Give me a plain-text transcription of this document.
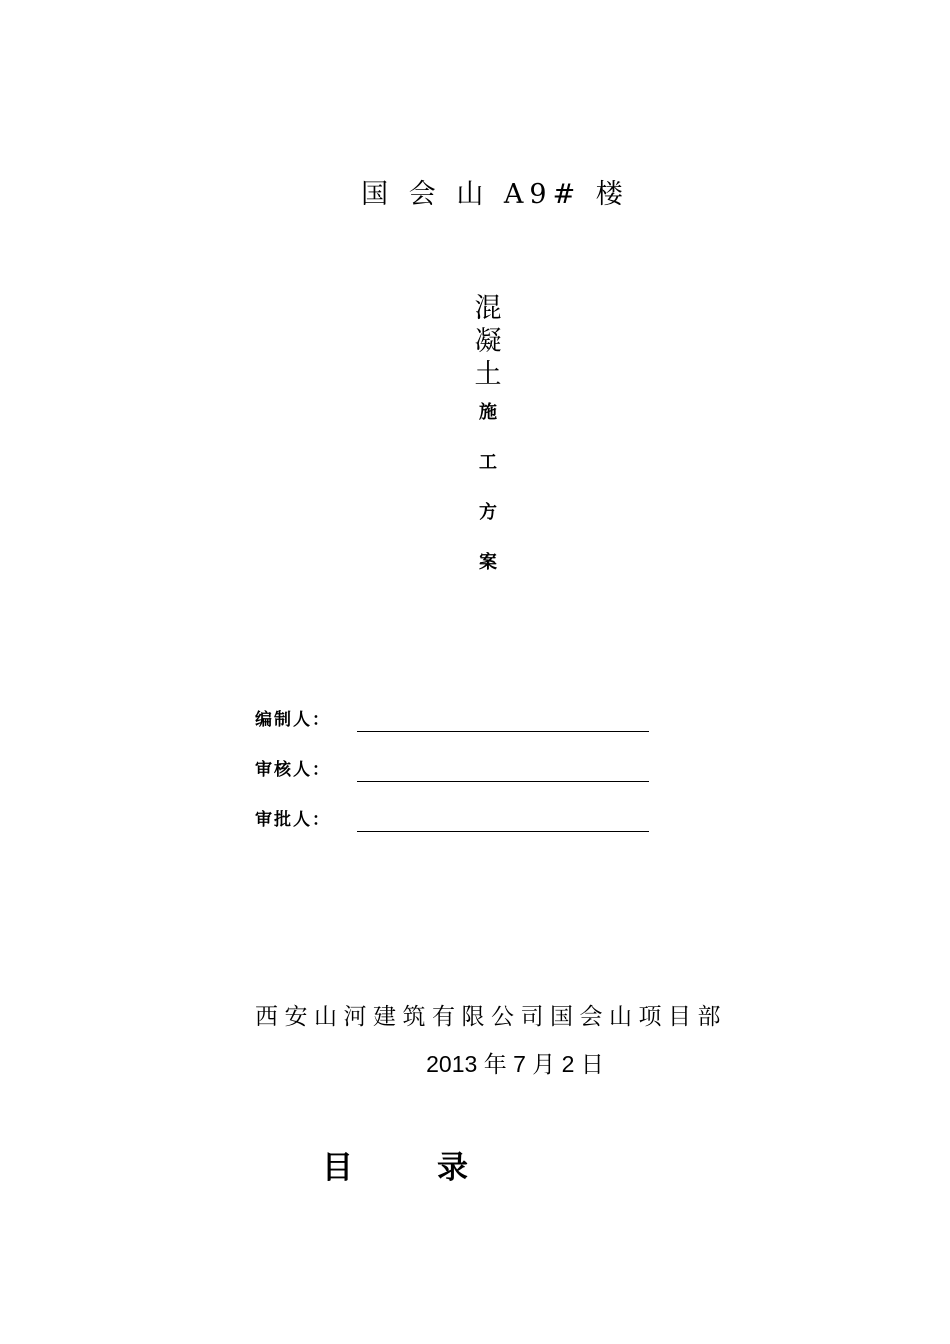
国 会 山 A9# 楼
混
凝
土
施
工
方
案
编制人：
审核人：
审批人：
西安山河建筑有限公司国会山项目部
2013 年 7 月 2 日
目	录
